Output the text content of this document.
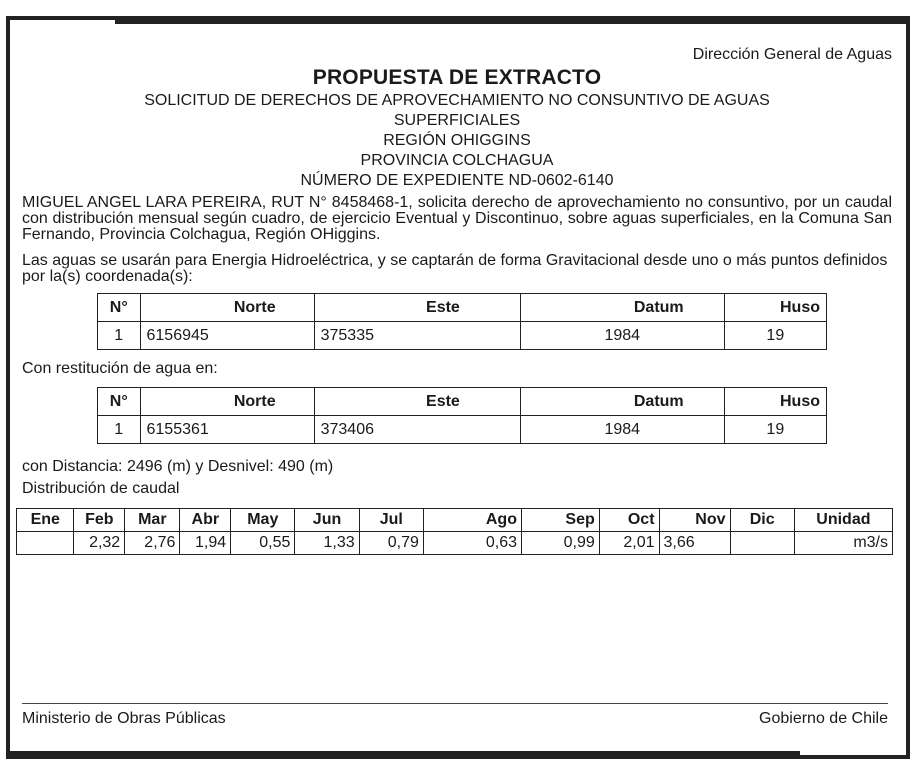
Dirección General de Aguas

PROPUESTA DE EXTRACTO

SOLICITUD DE DERECHOS DE APROVECHAMIENTO NO CONSUNTIVO DE AGUAS

SUPERFICIALES

REGIÓN OHIGGINS

PROVINCIA COLCHAGUA

NÚMERO DE EXPEDIENTE ND-0602-6140

MIGUEL ANGEL LARA PEREIRA, RUT N° 8458468-1, solicita derecho de aprovechamiento no consuntivo, por un caudal con distribución mensual según cuadro, de ejercicio Eventual y Discontinuo, sobre aguas superficiales, en la Comuna San Fernando, Provincia Colchagua, Región OHiggins.

Las aguas se usarán para Energia Hidroeléctrica, y se captarán de forma Gravitacional desde uno o más puntos definidos por la(s) coordenada(s):

N°	Norte	Este	Datum	Huso
1	6156945	375335	1984	19

Con restitución de agua en:

N°	Norte	Este	Datum	Huso
1	6155361	373406	1984	19

con Distancia: 2496 (m) y Desnivel: 490 (m)

Distribución de caudal

Ene	Feb	Mar	Abr	May	Jun	Jul	Ago	Sep	Oct	Nov	Dic	Unidad
	2,32	2,76	1,94	0,55	1,33	0,79	0,63	0,99	2,01	3,66		m3/s
Ministerio de Obras Públicas	Gobierno de Chile
